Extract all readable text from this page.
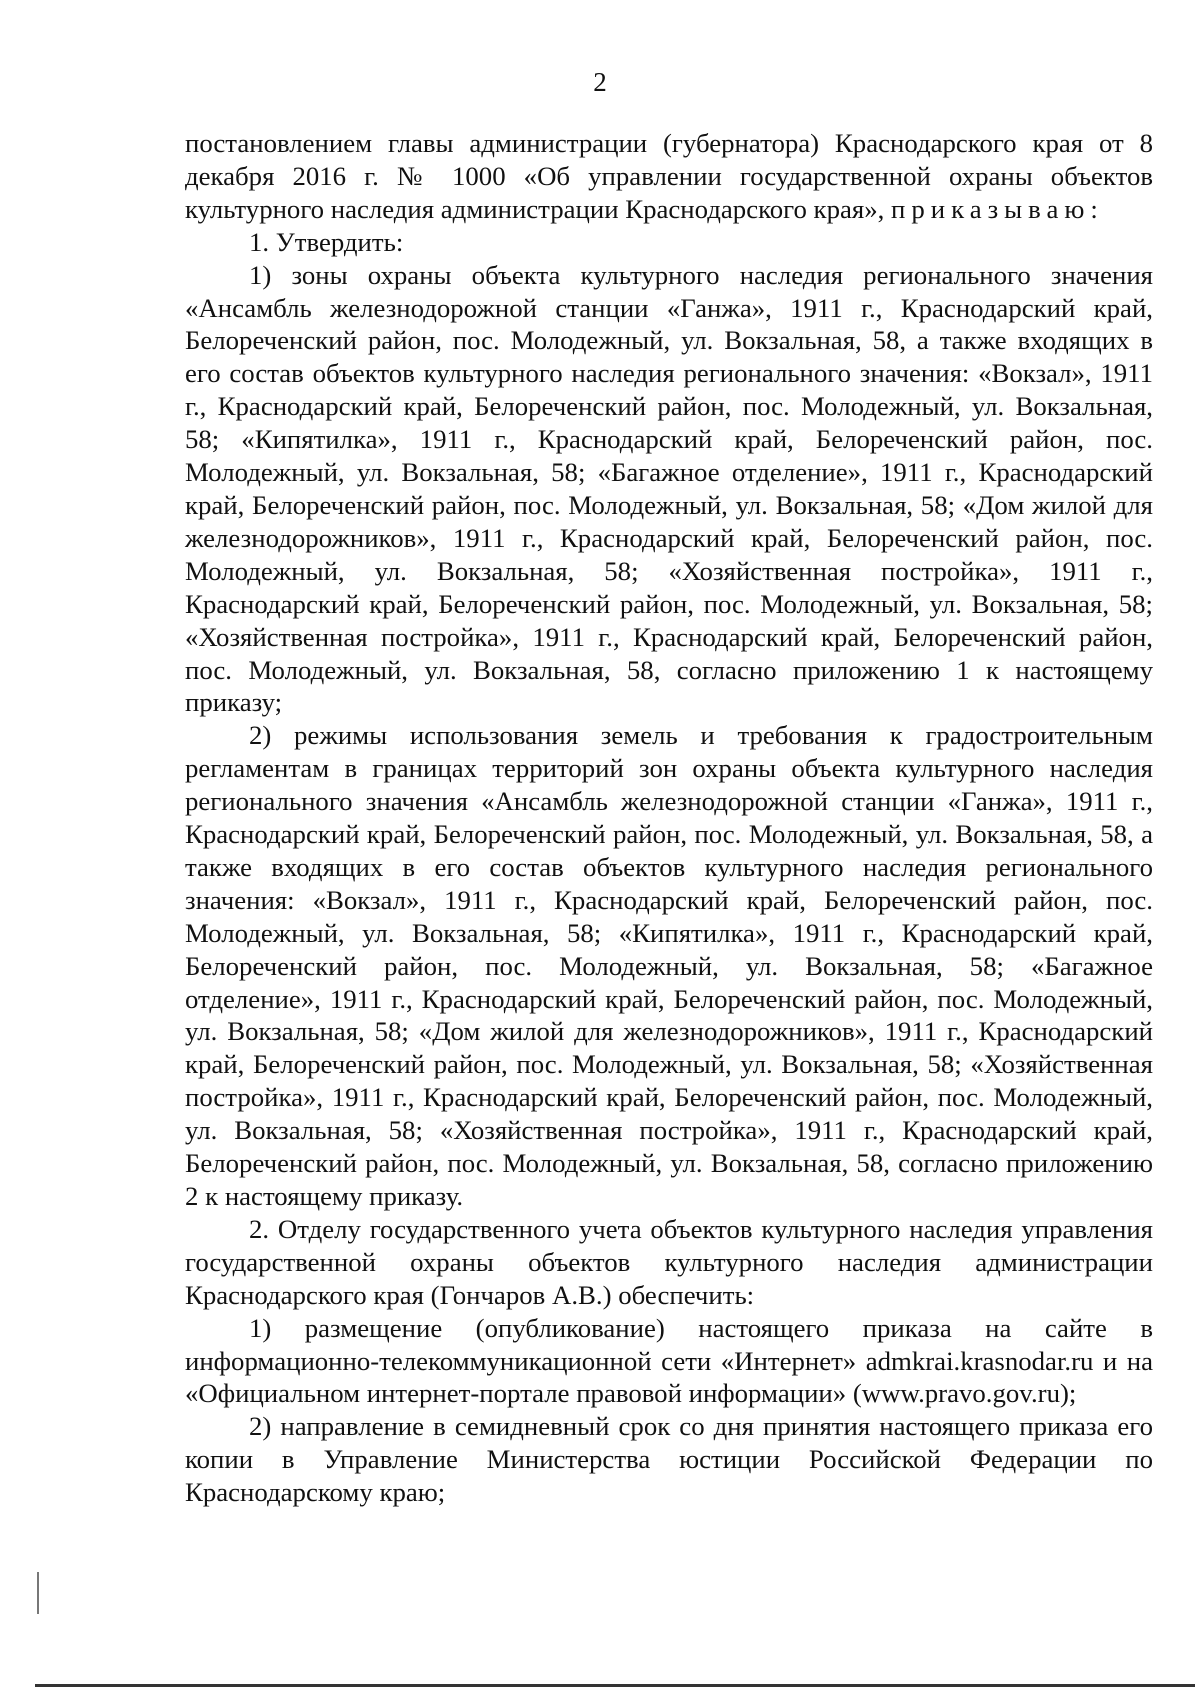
2

постановлением главы администрации (губернатора) Краснодарского края от 8 декабря 2016 г. № 1000 «Об управлении государственной охраны объектов культурного наследия администрации Краснодарского края», приказываю:

1. Утвердить:

1) зоны охраны объекта культурного наследия регионального значения «Ансамбль железнодорожной станции «Ганжа», 1911 г., Краснодарский край, Белореченский район, пос. Молодежный, ул. Вокзальная, 58, а также входящих в его состав объектов культурного наследия регионального значения: «Вокзал», 1911 г., Краснодарский край, Белореченский район, пос. Молодежный, ул. Вокзальная, 58; «Кипятилка», 1911 г., Краснодарский край, Белореченский район, пос. Молодежный, ул. Вокзальная, 58; «Багажное отделение», 1911 г., Краснодарский край, Белореченский район, пос. Молодежный, ул. Вокзальная, 58; «Дом жилой для железнодорожников», 1911 г., Краснодарский край, Белореченский район, пос. Молодежный, ул. Вокзальная, 58; «Хозяйственная постройка», 1911 г., Краснодарский край, Белореченский район, пос. Молодежный, ул. Вокзальная, 58; «Хозяйственная постройка», 1911 г., Краснодарский край, Белореченский район, пос. Молодежный, ул. Вокзальная, 58, согласно приложению 1 к настоящему приказу;

2) режимы использования земель и требования к градостроительным регламентам в границах территорий зон охраны объекта культурного наследия регионального значения «Ансамбль железнодорожной станции «Ганжа», 1911 г., Краснодарский край, Белореченский район, пос. Молодежный, ул. Вокзальная, 58, а также входящих в его состав объектов культурного наследия регионального значения: «Вокзал», 1911 г., Краснодарский край, Белореченский район, пос. Молодежный, ул. Вокзальная, 58; «Кипятилка», 1911 г., Краснодарский край, Белореченский район, пос. Молодежный, ул. Вокзальная, 58; «Багажное отделение», 1911 г., Краснодарский край, Белореченский район, пос. Молодежный, ул. Вокзальная, 58; «Дом жилой для железнодорожников», 1911 г., Краснодарский край, Белореченский район, пос. Молодежный, ул. Вокзальная, 58; «Хозяйственная постройка», 1911 г., Краснодарский край, Белореченский район, пос. Молодежный, ул. Вокзальная, 58; «Хозяйственная постройка», 1911 г., Краснодарский край, Белореченский район, пос. Молодежный, ул. Вокзальная, 58, согласно приложению 2 к настоящему приказу.

2. Отделу государственного учета объектов культурного наследия управления государственной охраны объектов культурного наследия администрации Краснодарского края (Гончаров А.В.) обеспечить:

1) размещение (опубликование) настоящего приказа на сайте в информационно-телекоммуникационной сети «Интернет» admkrai.krasnodar.ru и на «Официальном интернет-портале правовой информации» (www.pravo.gov.ru);

2) направление в семидневный срок со дня принятия настоящего приказа его копии в Управление Министерства юстиции Российской Федерации по Краснодарскому краю;
